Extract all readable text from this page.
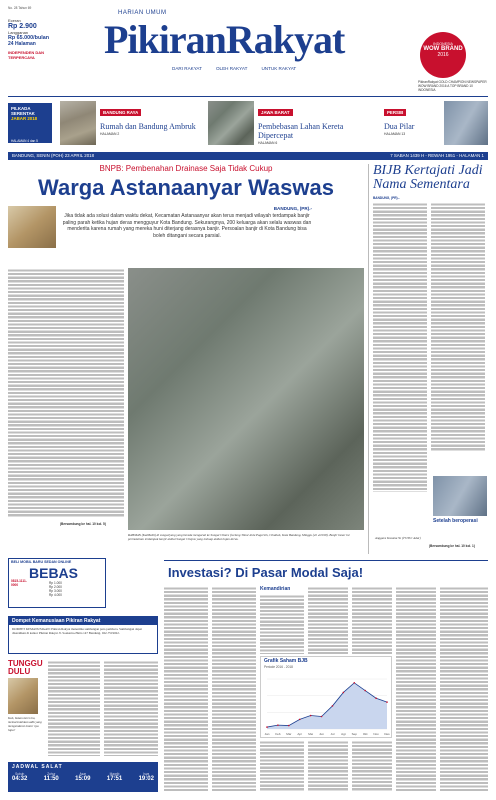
No. 28 Tahun 69
Eceran
Rp 2.900
Langganan
Rp 65.000/bulan
24 Halaman
INDEPENDEN DAN TERPERCAYA
HARIAN UMUM
PikiranRakyat
DARI RAKYAT	OLEH RAKYAT	UNTUK RAKYAT
INDONESIA
WOW BRAND
2016
PikiranRakyat GOLD CHAMPION NEWSPAPER WOW BRAND 2016 A TOP BRAND 10 INDONESIA
PILKADA SERENTAK
JABAR 2018
HALAMAN 4 dan 5
BANDUNG RAYA
Rumah dan Bandung Ambruk
HALAMAN 2
JAWA BARAT
Pembebasan Lahan Kereta Dipercepat
HALAMAN 6
PERSIB
Dua Pilar
HALAMAN 13
BANDUNG, SENIN (POH) 23 APRIL 2018	7 SABAN 1439 H - REWAH 1951 - HALAMAN 1
BNPB: Pembenahan Drainase Saja Tidak Cukup
Warga Astanaanyar Waswas
BANDUNG, (PR).-
Jika tidak ada solusi dalam waktu dekat, Kecamatan Astanaanyar akan terus menjadi wilayah terdampak banjir paling parah ketika hujan deras mengguyur Kota Bandung. Sekurangnya, 200 keluarga akan selalu waswas dan menderita karena rumah yang mereka huni diterjang derasnya banjir. Persoalan banjir di Kota Bandung bisa boleh ditangani secara parsial.
(Bersambung ke hal. 10 kol. 5)
RAHMAN (KaiMedit) di sungai/yang yang berada mengarah ke Sungai Cibaru (Gelung Timur dulu Pagersih, Cihaliah, Kota Bandung, Minggu (22 4/2018). Banjir besar ini permukiman terdampak banjir akibat Sungai Citepus yang meluap akibat hujan deras.
BIJB Kertajati Jadi Nama Sementara
BANDUNG, (PR).-
Setelah beroperasi
Anggara Kusuma W. (FOTO: Adar)
(Bersambung ke hal. 10 kol. 1)
BELI MOBIL BARU SEDAN ONLINE
BEBAS
0815-1111-0000	Rp 1.000
Rp 2.000
Rp 3.000
Rp 4.000
Dompet Kemanusiaan Pikiran Rakyat
DOMPET KEMANUSIAAN: Pikiran Rakyat menerima sumbangan para pembaca. Sumbangan dapat diserahkan di kantor Pikiran Rakyat Jl. Soekarno-Hatta 147 Bandung. 022-7519022.
TUNGGU DULU
Kah, bukan keren bu, memarentahkan adik yang mengendarai motor nya lupa?
JADWAL SALAT
Subuh
04:32
Zuhur
11:50
Asar
15:09
Magrib
17:51
Isya
19:02
Investasi? Di Pasar Modal Saja!
Kemandirian
Grafik Saham BJB
Periode 2016 - 2018
Jan Feb Mar Apr Mei Jun Jul Agt Sep Okt Nov Des
